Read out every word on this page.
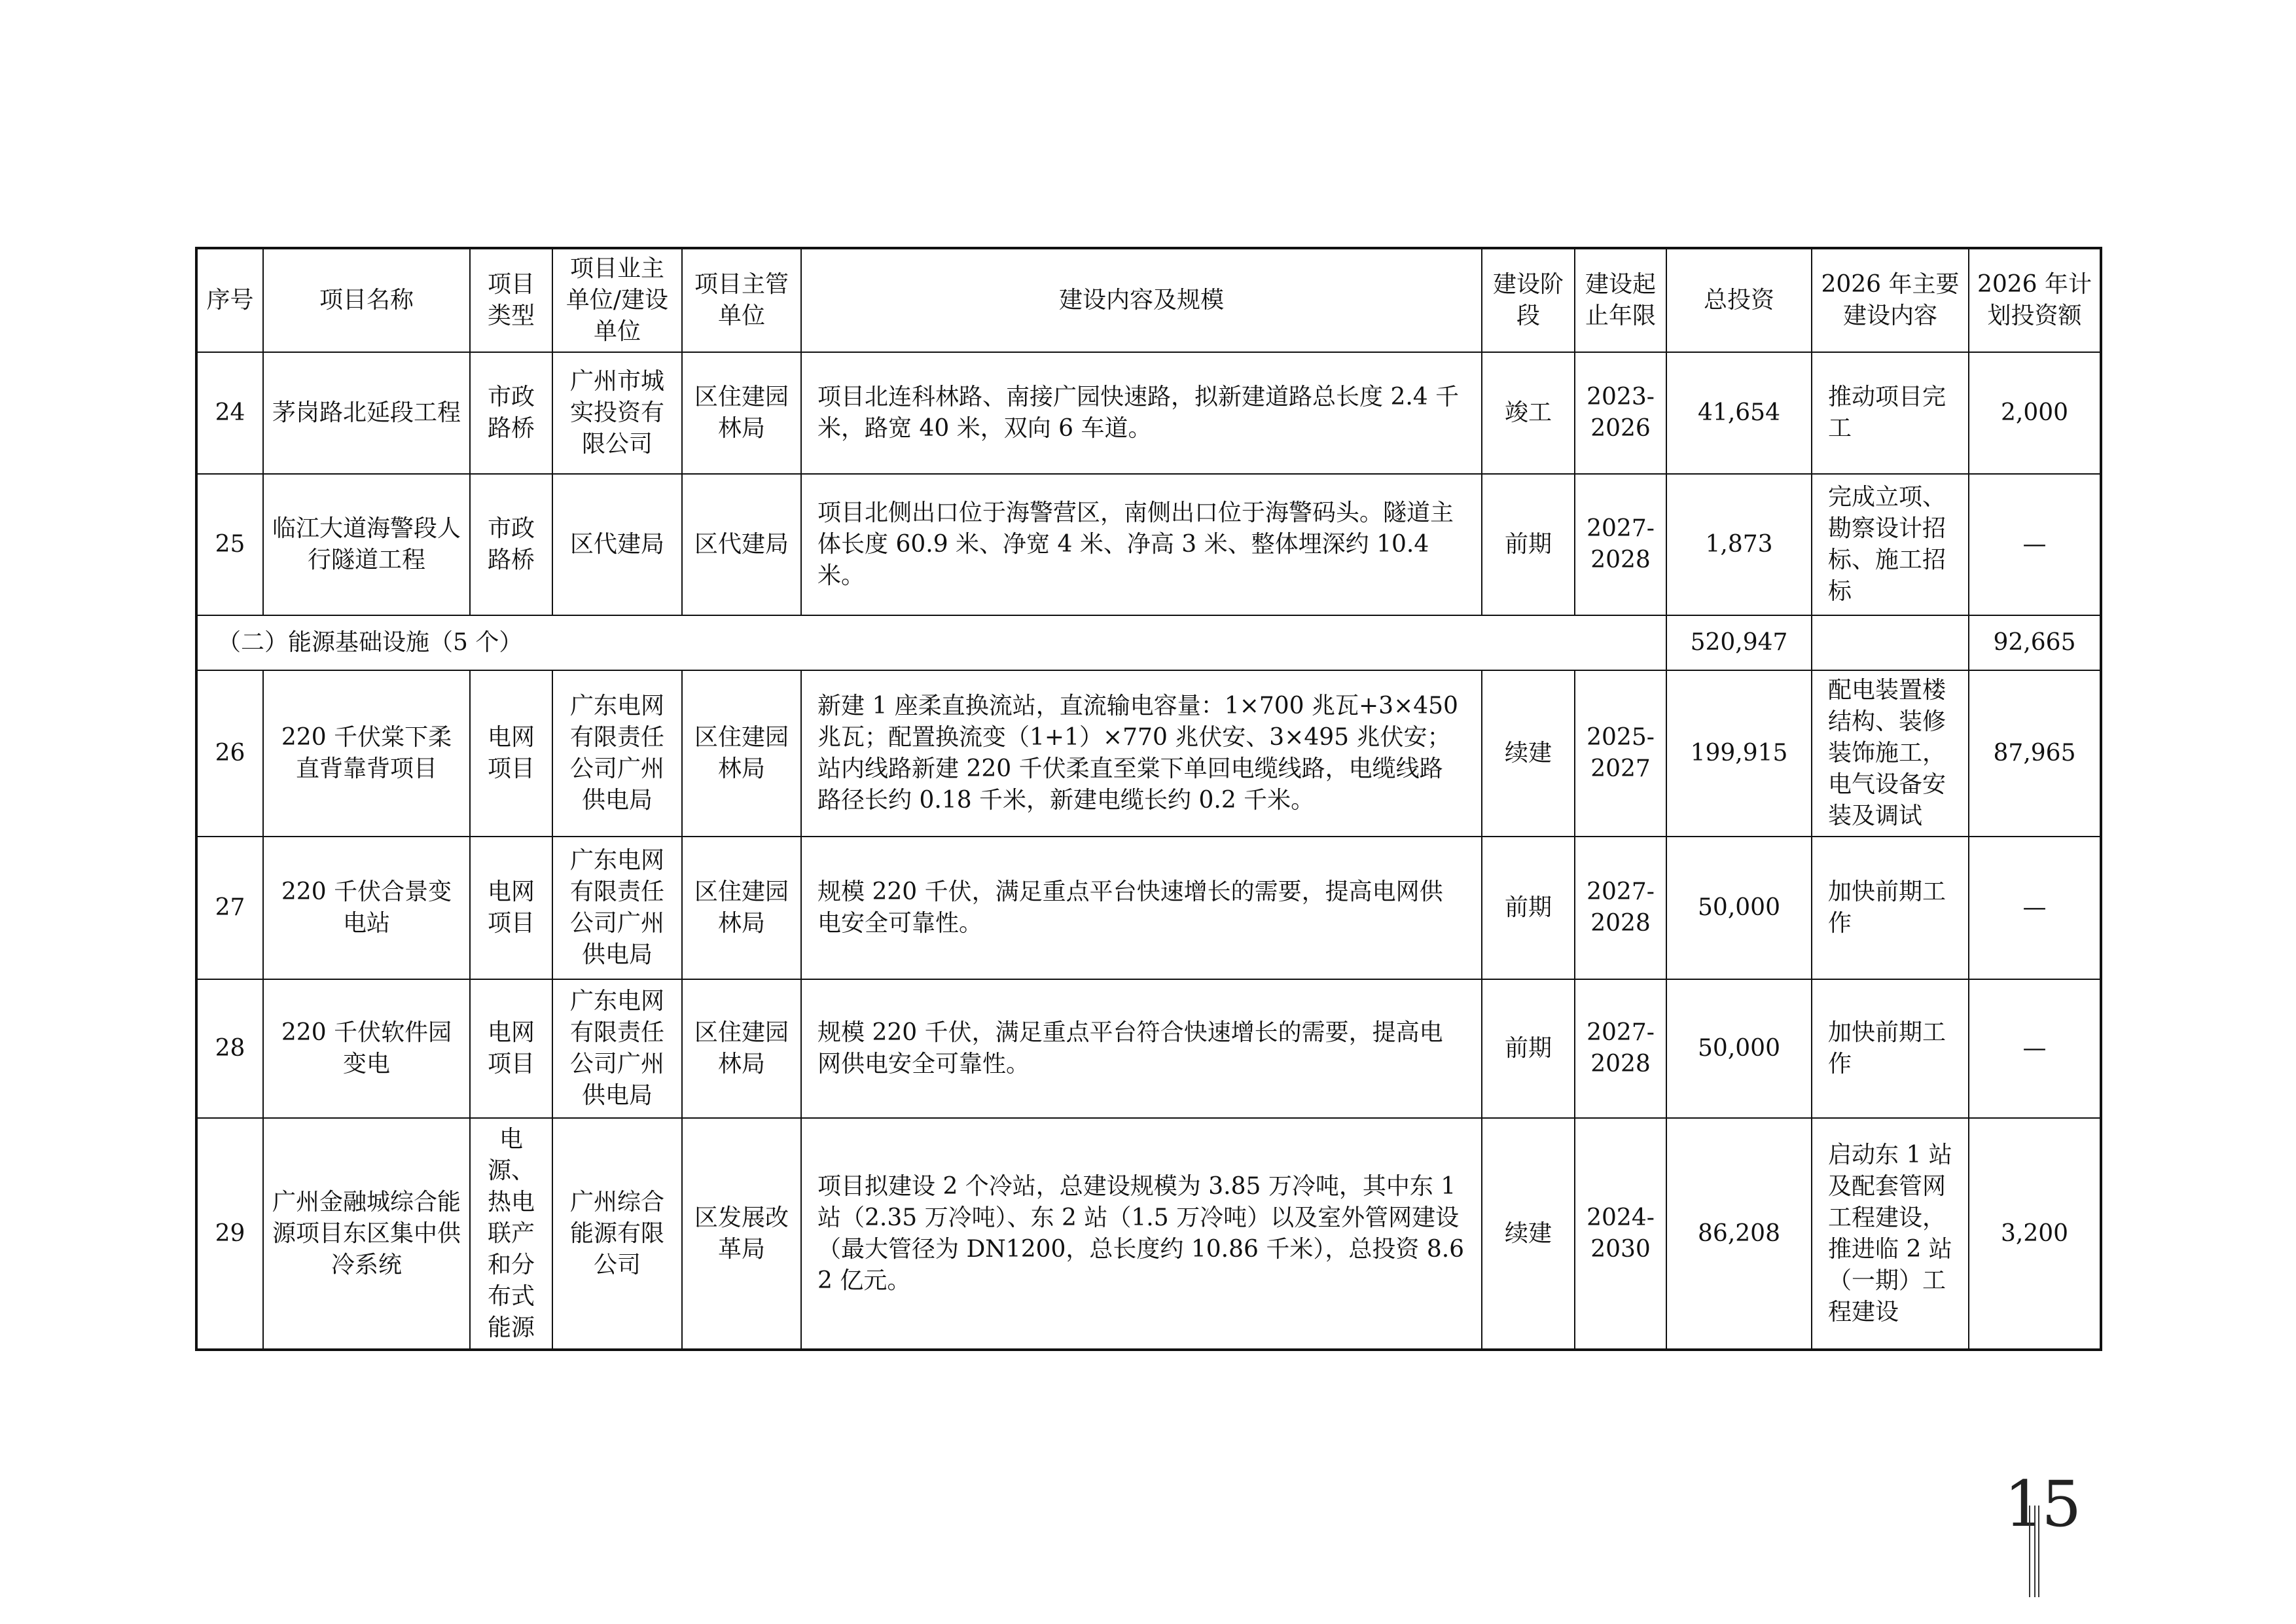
序号	项目名称	项目类型	项目业主单位/建设单位	项目主管单位	建设内容及规模	建设阶段	建设起止年限	总投资	2026 年主要建设内容	2026 年计划投资额
24	茅岗路北延段工程	市政路桥	广州市城实投资有限公司	区住建园林局	项目北连科林路、南接广园快速路，拟新建道路总长度 2.4 千米，路宽 40 米，双向 6 车道。	竣工	2023-2026	41,654	推动项目完工	2,000
25	临江大道海警段人行隧道工程	市政路桥	区代建局	区代建局	项目北侧出口位于海警营区，南侧出口位于海警码头。隧道主体长度 60.9 米、净宽 4 米、净高 3 米、整体埋深约 10.4 米。	前期	2027-2028	1,873	完成立项、勘察设计招标、施工招标	—
（二）能源基础设施（5 个）								520,947		92,665
26	220 千伏棠下柔直背靠背项目	电网项目	广东电网有限责任公司广州供电局	区住建园林局	新建 1 座柔直换流站，直流输电容量：1×700 兆瓦+3×450 兆瓦；配置换流变（1+1）×770 兆伏安、3×495 兆伏安；站内线路新建 220 千伏柔直至棠下单回电缆线路，电缆线路路径长约 0.18 千米，新建电缆长约 0.2 千米。	续建	2025-2027	199,915	配电装置楼结构、装修装饰施工，电气设备安装及调试	87,965
27	220 千伏合景变电站	电网项目	广东电网有限责任公司广州供电局	区住建园林局	规模 220 千伏，满足重点平台快速增长的需要，提高电网供电安全可靠性。	前期	2027-2028	50,000	加快前期工作	—
28	220 千伏软件园变电	电网项目	广东电网有限责任公司广州供电局	区住建园林局	规模 220 千伏，满足重点平台符合快速增长的需要，提高电网供电安全可靠性。	前期	2027-2028	50,000	加快前期工作	—
29	广州金融城综合能源项目东区集中供冷系统	电源、热电联产和分布式能源	广州综合能源有限公司	区发展改革局	项目拟建设 2 个冷站，总建设规模为 3.85 万冷吨，其中东 1 站（2.35 万冷吨）、东 2 站（1.5 万冷吨）以及室外管网建设（最大管径为 DN1200，总长度约 10.86 千米），总投资 8.62 亿元。	续建	2024-2030	86,208	启动东 1 站及配套管网工程建设，推进临 2 站（一期）工程建设	3,200
15
